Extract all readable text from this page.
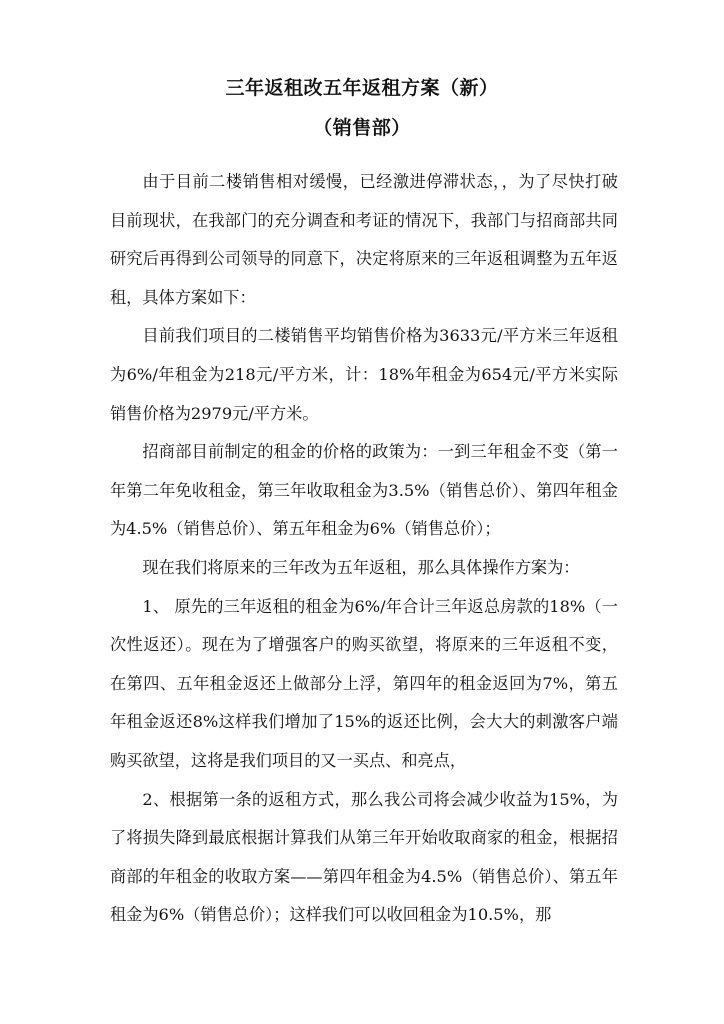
三年返租改五年返租方案（新）
（销售部）

由于目前二楼销售相对缓慢，已经激进停滞状态，，为了尽快打破目前现状，在我部门的充分调查和考证的情况下，我部门与招商部共同研究后再得到公司领导的同意下，决定将原来的三年返租调整为五年返租，具体方案如下：

目前我们项目的二楼销售平均销售价格为3633元/平方米三年返租为6%/年租金为218元/平方米，计：18%年租金为654元/平方米实际销售价格为2979元/平方米。

招商部目前制定的租金的价格的政策为：一到三年租金不变（第一年第二年免收租金，第三年收取租金为3.5%（销售总价）、第四年租金为4.5%（销售总价）、第五年租金为6%（销售总价）；

现在我们将原来的三年改为五年返租，那么具体操作方案为：

1、 原先的三年返租的租金为6%/年合计三年返总房款的18%（一次性返还）。现在为了增强客户的购买欲望，将原来的三年返租不变，在第四、五年租金返还上做部分上浮，第四年的租金返回为7%，第五年租金返还8%这样我们增加了15%的返还比例，会大大的刺激客户端购买欲望，这将是我们项目的又一买点、和亮点，

2、根据第一条的返租方式，那么我公司将会减少收益为15%，为了将损失降到最底根据计算我们从第三年开始收取商家的租金，根据招商部的年租金的收取方案——第四年租金为4.5%（销售总价）、第五年租金为6%（销售总价）；这样我们可以收回租金为10.5%，那
